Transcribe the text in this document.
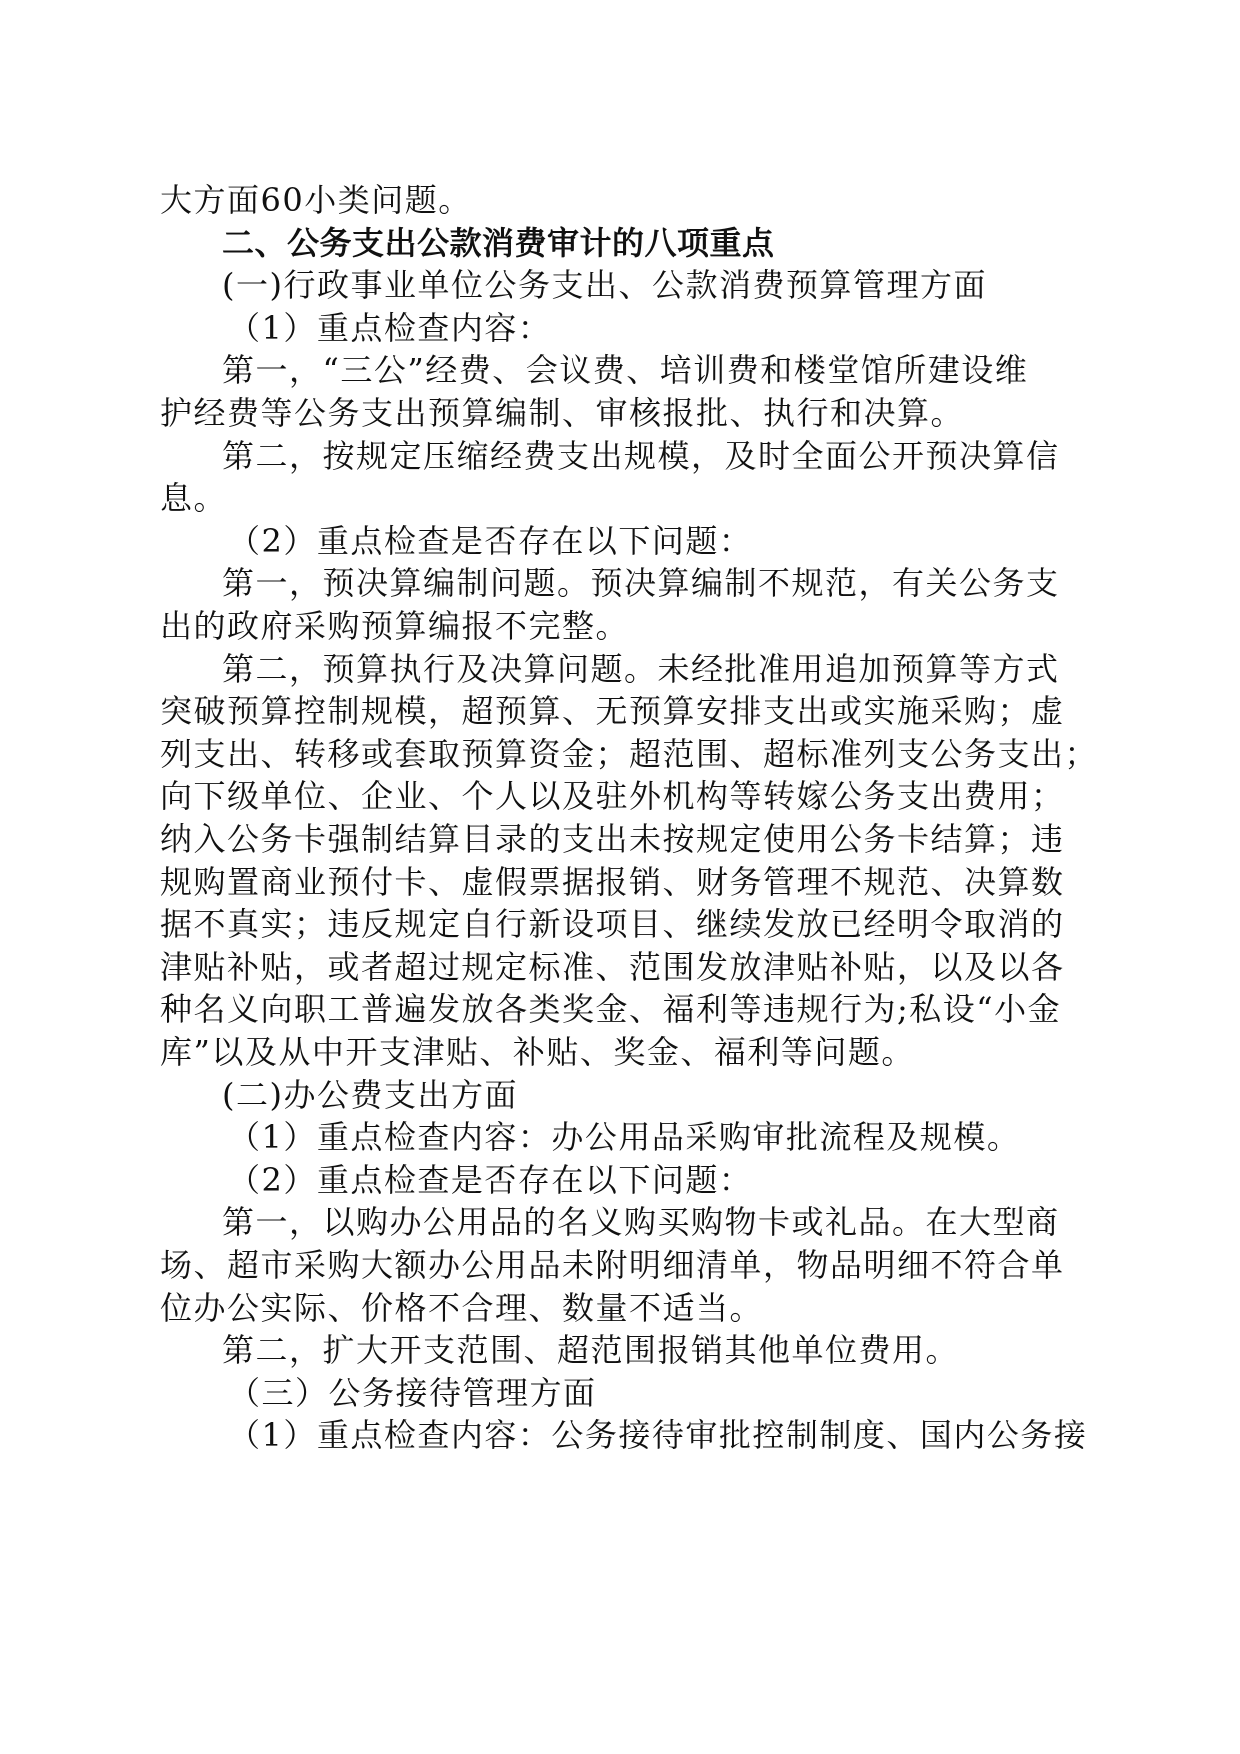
大方面60小类问题。
二、公务支出公款消费审计的八项重点
(一)行政事业单位公务支出、公款消费预算管理方面
（1）重点检查内容：
第一，“三公”经费、会议费、培训费和楼堂馆所建设维
护经费等公务支出预算编制、审核报批、执行和决算。
第二，按规定压缩经费支出规模，及时全面公开预决算信
息。
（2）重点检查是否存在以下问题：
第一，预决算编制问题。预决算编制不规范，有关公务支
出的政府采购预算编报不完整。
第二，预算执行及决算问题。未经批准用追加预算等方式
突破预算控制规模，超预算、无预算安排支出或实施采购；虚
列支出、转移或套取预算资金；超范围、超标准列支公务支出；
向下级单位、企业、个人以及驻外机构等转嫁公务支出费用；
纳入公务卡强制结算目录的支出未按规定使用公务卡结算；违
规购置商业预付卡、虚假票据报销、财务管理不规范、决算数
据不真实；违反规定自行新设项目、继续发放已经明令取消的
津贴补贴，或者超过规定标准、范围发放津贴补贴，以及以各
种名义向职工普遍发放各类奖金、福利等违规行为;私设“小金
库”以及从中开支津贴、补贴、奖金、福利等问题。
(二)办公费支出方面
（1）重点检查内容：办公用品采购审批流程及规模。
（2）重点检查是否存在以下问题：
第一，以购办公用品的名义购买购物卡或礼品。在大型商
场、超市采购大额办公用品未附明细清单，物品明细不符合单
位办公实际、价格不合理、数量不适当。
第二，扩大开支范围、超范围报销其他单位费用。
（三）公务接待管理方面
（1）重点检查内容：公务接待审批控制制度、国内公务接
